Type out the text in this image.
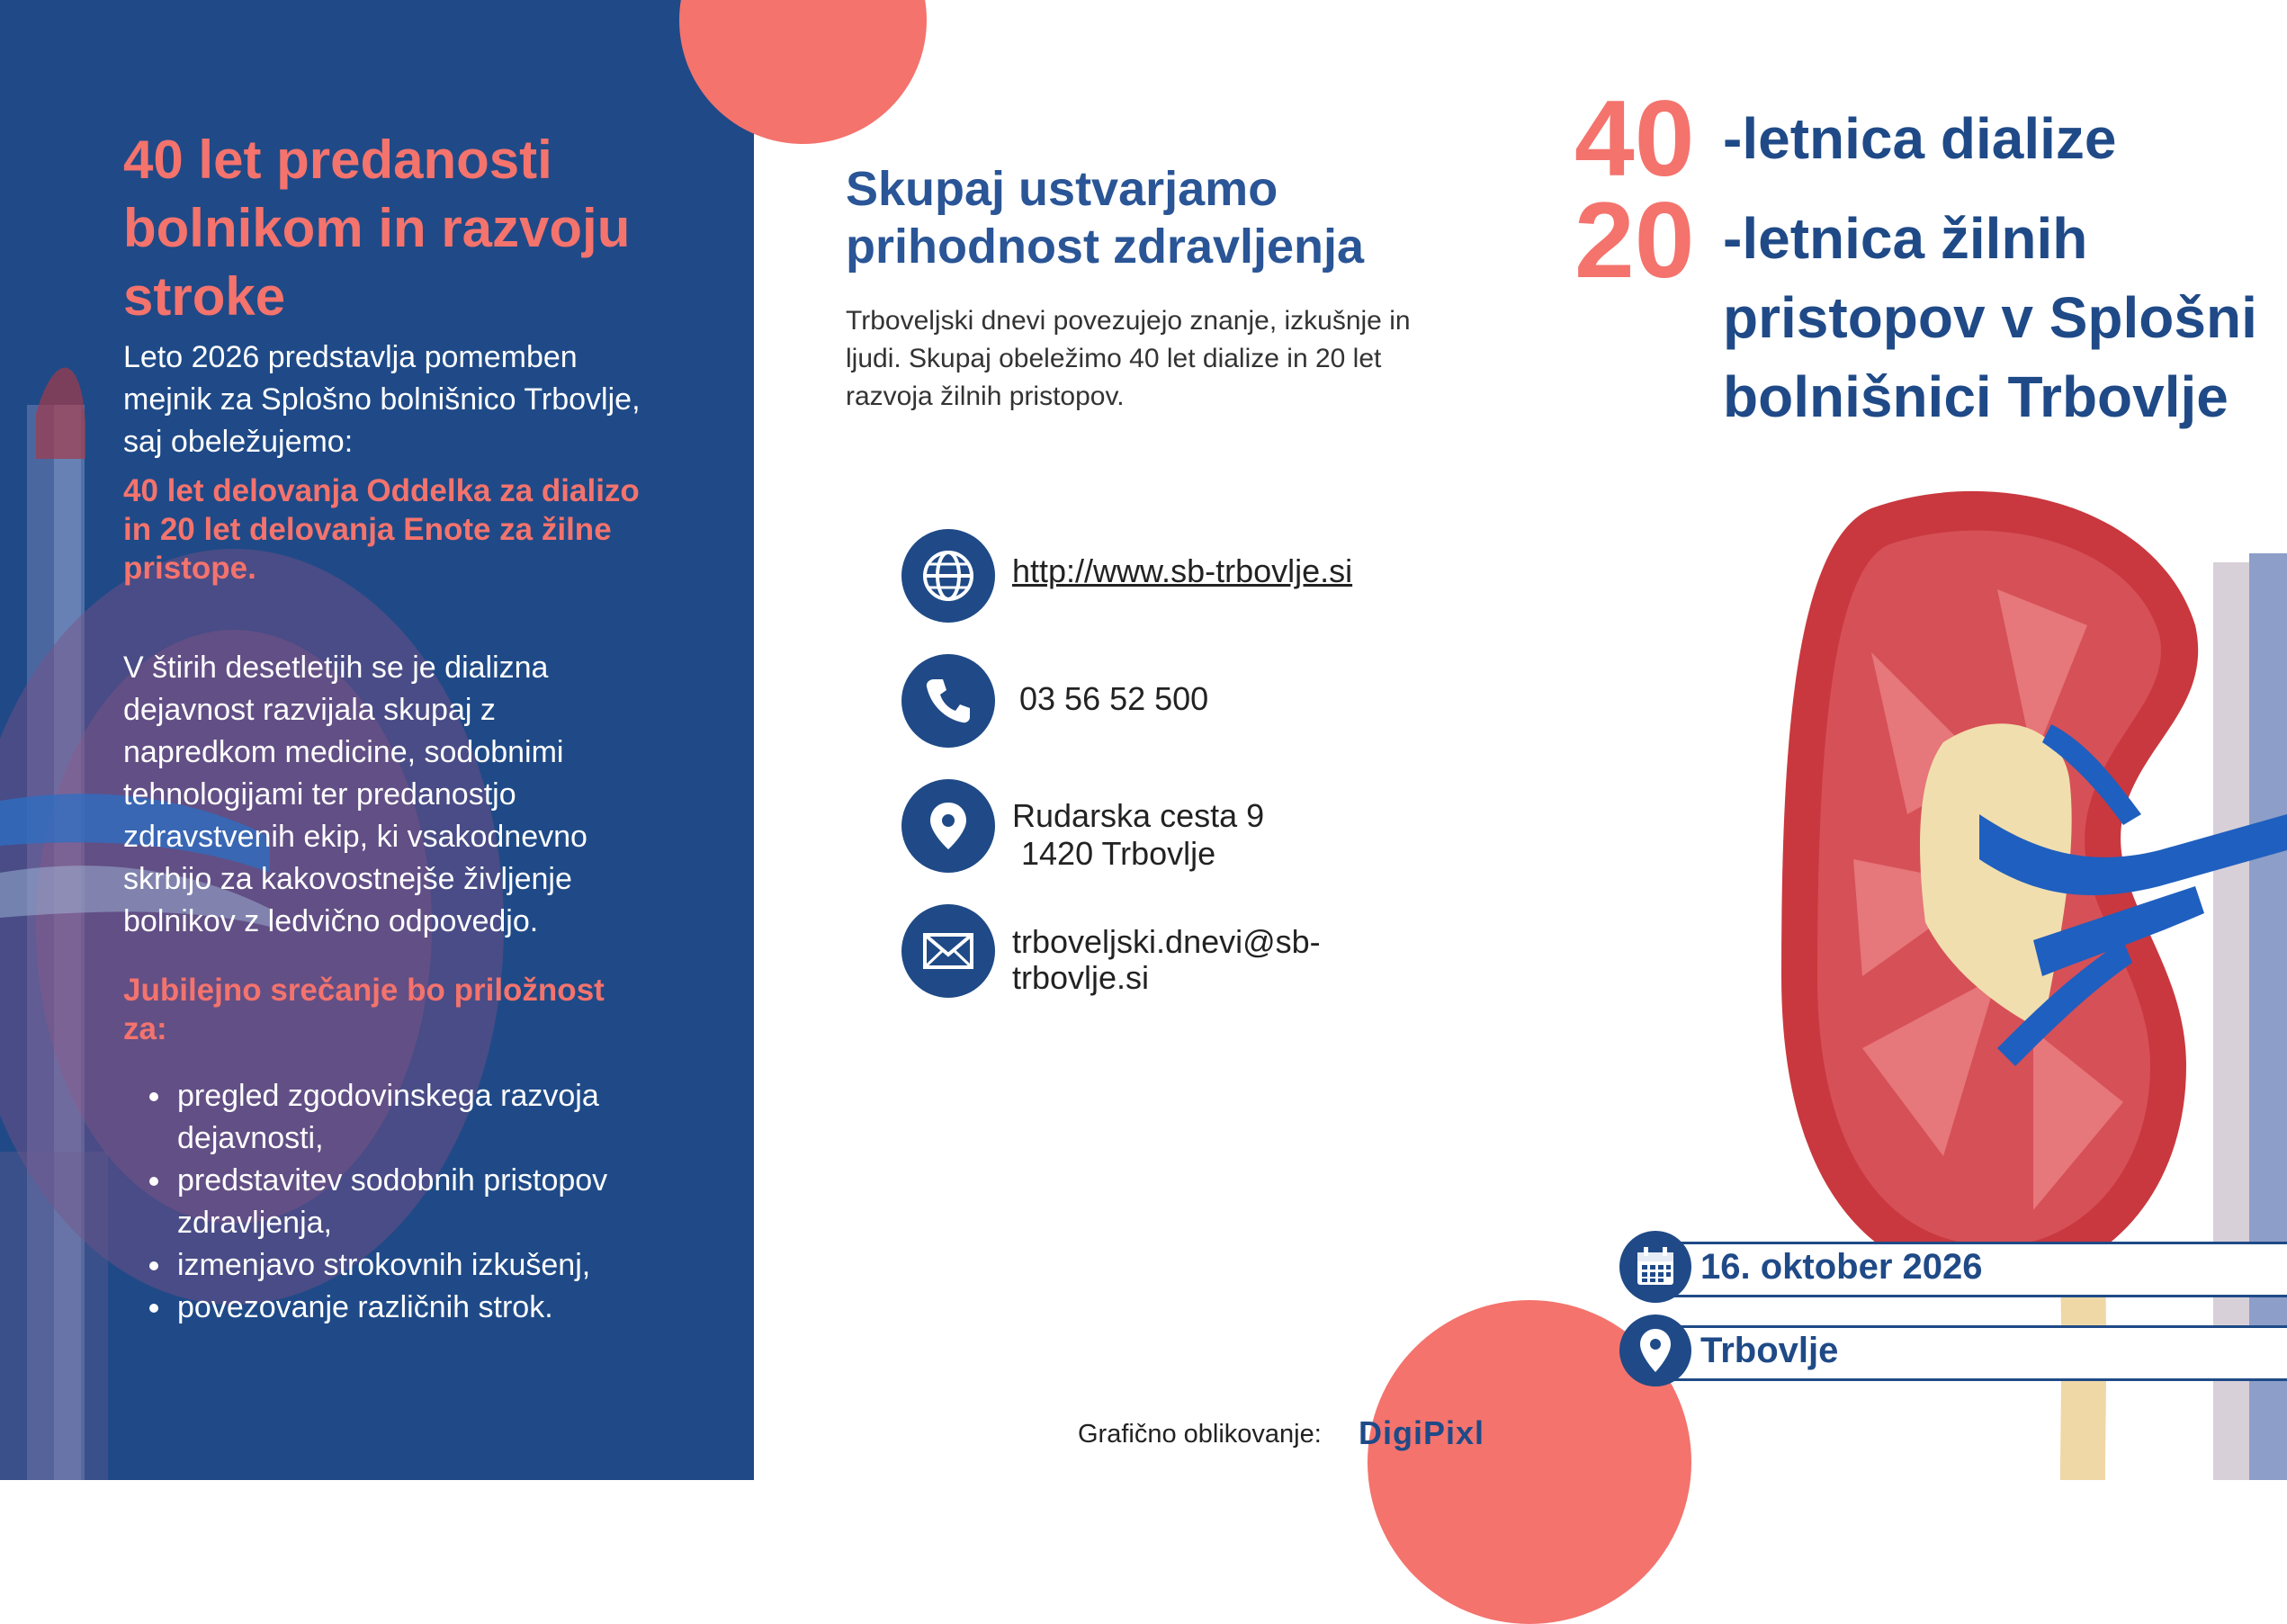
40 let predanosti bolnikom in razvoju stroke

Leto 2026 predstavlja pomemben mejnik za Splošno bolnišnico Trbovlje, saj obeležujemo:

40 let delovanja Oddelka za dializo in 20 let delovanja Enote za žilne pristope.

V štirih desetletjih se je dializna dejavnost razvijala skupaj z napredkom medicine, sodobnimi tehnologijami ter predanostjo zdravstvenih ekip, ki vsakodnevno skrbijo za kakovostnejše življenje bolnikov z ledvično odpovedjo.

Jubilejno srečanje bo priložnost za:

• pregled zgodovinskega razvoja dejavnosti,
• predstavitev sodobnih pristopov zdravljenja,
• izmenjavo strokovnih izkušenj,
• povezovanje različnih strok.
Skupaj ustvarjamo prihodnost zdravljenja

Trboveljski dnevi povezujejo znanje, izkušnje in ljudi. Skupaj obeležimo 40 let dialize in 20 let razvoja žilnih pristopov.

http://www.sb-trbovlje.si

03 56 52 500

Rudarska cesta 9

1420 Trbovlje

trboveljski.dnevi@sb-

trbovlje.si

Grafično oblikovanje: DigiPixl
40 -letnica dialize

20 -letnica žilnih

pristopov v Splošni

bolnišnici Trbovlje

16. oktober 2026
Trbovlje
